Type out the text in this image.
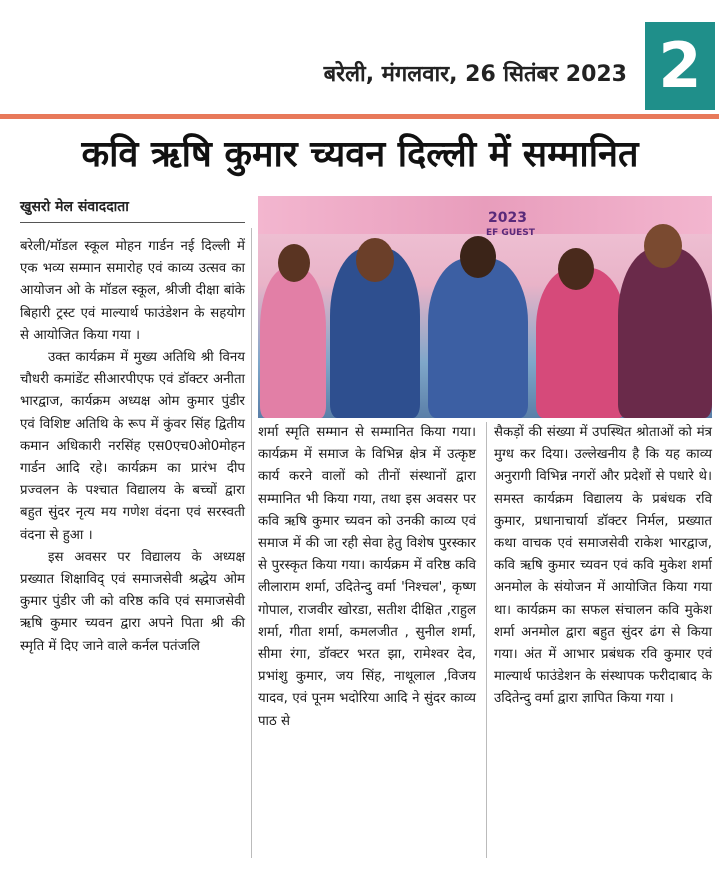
बरेली, मंगलवार, 26 सितंबर 2023 2
कवि ऋषि कुमार च्यवन दिल्ली में सम्मानित
खुसरो मेल संवाददाता
2023
EF GUEST

बरेली/मॉडल स्कूल मोहन गार्डन नई दिल्ली में एक भव्य सम्मान समारोह एवं काव्य उत्सव का आयोजन ओ के मॉडल स्कूल, श्रीजी दीक्षा बांके बिहारी ट्रस्ट एवं माल्यार्थ फाउंडेशन के सहयोग से आयोजित किया गया ।

उक्त कार्यक्रम में मुख्य अतिथि श्री विनय चौधरी कमांडेंट सीआरपीएफ एवं डॉक्टर अनीता भारद्वाज, कार्यक्रम अध्यक्ष ओम कुमार पुंडीर एवं विशिष्ट अतिथि के रूप में कुंवर सिंह द्वितीय कमान अधिकारी नरसिंह एस0एच0ओ0मोहन गार्डन आदि रहे। कार्यक्रम का प्रारंभ दीप प्रज्वलन के पश्चात विद्यालय के बच्चों द्वारा बहुत सुंदर नृत्य मय गणेश वंदना एवं सरस्वती वंदना से हुआ ।

इस अवसर पर विद्यालय के अध्यक्ष प्रख्यात शिक्षाविद् एवं समाजसेवी श्रद्धेय ओम कुमार पुंडीर जी को वरिष्ठ कवि एवं समाजसेवी ऋषि कुमार च्यवन द्वारा अपने पिता श्री की स्मृति में दिए जाने वाले कर्नल पतंजलि

शर्मा स्मृति सम्मान से सम्मानित किया गया। कार्यक्रम में समाज के विभिन्न क्षेत्र में उत्कृष्ट कार्य करने वालों को तीनों संस्थानों द्वारा सम्मानित भी किया गया, तथा इस अवसर पर कवि ऋषि कुमार च्यवन को उनकी काव्य एवं समाज में की जा रही सेवा हेतु विशेष पुरस्कार से पुरस्कृत किया गया। कार्यक्रम में वरिष्ठ कवि लीलाराम शर्मा, उदितेन्दु वर्मा 'निश्चल', कृष्ण गोपाल, राजवीर खोरडा, सतीश दीक्षित ,राहुल शर्मा, गीता शर्मा, कमलजीत , सुनील शर्मा, सीमा रंगा, डॉक्टर भरत झा, रामेश्वर देव, प्रभांशु कुमार, जय सिंह, नाथूलाल ,विजय यादव, एवं पूनम भदोरिया आदि ने सुंदर काव्य पाठ से

सैकड़ों की संख्या में उपस्थित श्रोताओं को मंत्र मुग्ध कर दिया। उल्लेखनीय है कि यह काव्य अनुरागी विभिन्न नगरों और प्रदेशों से पधारे थे। समस्त कार्यक्रम विद्यालय के प्रबंधक रवि कुमार, प्रधानाचार्या डॉक्टर निर्मल, प्रख्यात कथा वाचक एवं समाजसेवी राकेश भारद्वाज, कवि ऋषि कुमार च्यवन एवं कवि मुकेश शर्मा अनमोल के संयोजन में आयोजित किया गया था। कार्यक्रम का सफल संचालन कवि मुकेश शर्मा अनमोल द्वारा बहुत सुंदर ढंग से किया गया। अंत में आभार प्रबंधक रवि कुमार एवं माल्यार्थ फाउंडेशन के संस्थापक फरीदाबाद के उदितेन्दु वर्मा द्वारा ज्ञापित किया गया ।
